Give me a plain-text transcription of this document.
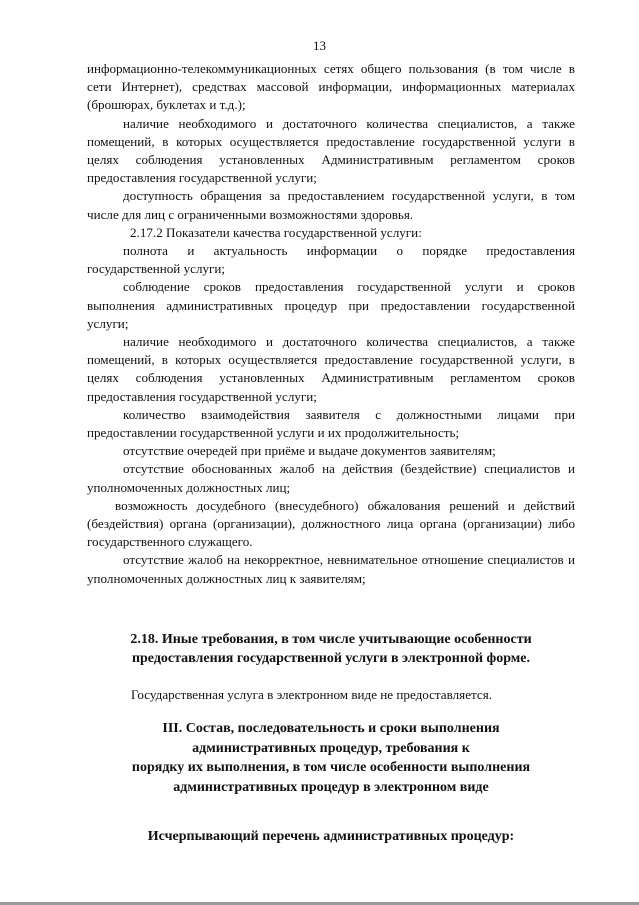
13

информационно-телекоммуникационных сетях общего пользования (в том числе в сети Интернет), средствах массовой информации, информационных материалах (брошюрах, буклетах и т.д.);

наличие необходимого и достаточного количества специалистов, а также помещений, в которых осуществляется предоставление государственной услуги в целях соблюдения установленных Административным регламентом сроков предоставления государственной услуги;

доступность обращения за предоставлением государственной услуги, в том числе для лиц с ограниченными возможностями здоровья.

2.17.2 Показатели качества государственной услуги:

полнота и актуальность информации о порядке предоставления государственной услуги;

соблюдение сроков предоставления государственной услуги и сроков выполнения административных процедур при предоставлении государственной услуги;

наличие необходимого и достаточного количества специалистов, а также помещений, в которых осуществляется предоставление государственной услуги, в целях соблюдения установленных Административным регламентом сроков предоставления государственной услуги;

количество взаимодействия заявителя с должностными лицами при предоставлении государственной услуги и их продолжительность;

отсутствие очередей при приёме и выдаче документов заявителям;

отсутствие обоснованных жалоб на действия (бездействие) специалистов и уполномоченных должностных лиц;

возможность досудебного (внесудебного) обжалования решений и действий (бездействия) органа (организации), должностного лица органа (организации) либо государственного служащего.

отсутствие жалоб на некорректное, невнимательное отношение специалистов и уполномоченных должностных лиц к заявителям;

2.18. Иные требования, в том числе учитывающие особенности
предоставления государственной услуги в электронной форме.
Государственная услуга в электронном виде не предоставляется.
III. Состав, последовательность и сроки выполнения
административных процедур, требования к
порядку их выполнения, в том числе особенности выполнения
административных процедур в электронном виде
Исчерпывающий перечень административных процедур:
